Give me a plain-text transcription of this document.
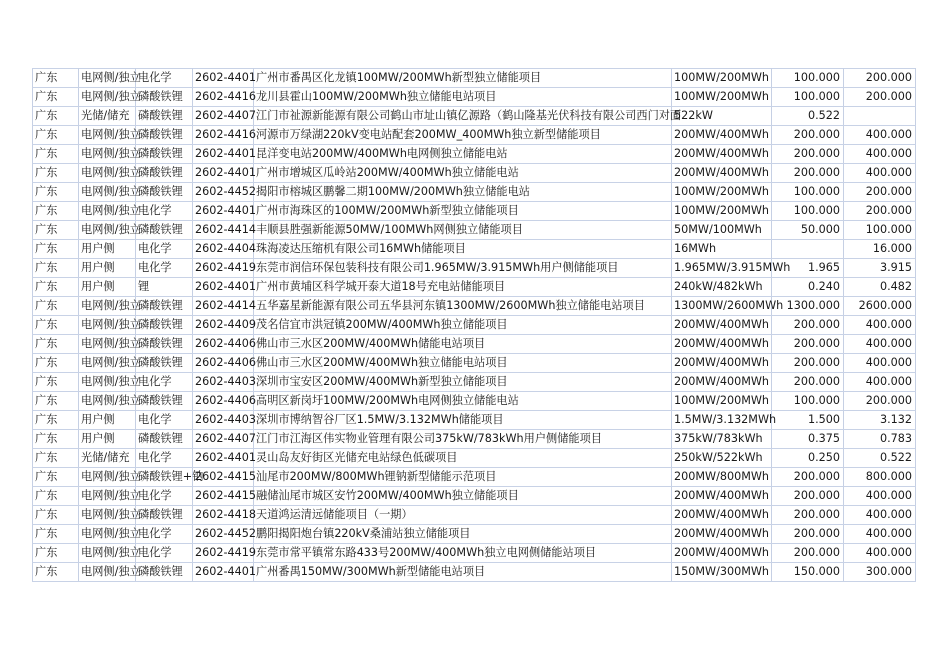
广东	电网侧/独立	电化学	2602-4401	广州市番禺区化龙镇100MW/200MWh新型独立储能项目	100MW/200MWh	100.000	200.000
广东	电网侧/独立	磷酸铁锂	2602-4416	龙川县霍山100MW/200MWh独立储能电站项目	100MW/200MWh	100.000	200.000
广东	光储/储充	磷酸铁锂	2602-4407	江门市祉源新能源有限公司鹤山市址山镇亿源路（鹤山隆基光伏科技有限公司西门对面	522kW	0.522	
广东	电网侧/独立	磷酸铁锂	2602-4416	河源市万绿湖220kV变电站配套200MW_400MWh独立新型储能项目	200MW/400MWh	200.000	400.000
广东	电网侧/独立	磷酸铁锂	2602-4401	昆洋变电站200MW/400MWh电网侧独立储能电站	200MW/400MWh	200.000	400.000
广东	电网侧/独立	磷酸铁锂	2602-4401	广州市增城区瓜岭站200MW/400MWh独立储能电站	200MW/400MWh	200.000	400.000
广东	电网侧/独立	磷酸铁锂	2602-4452	揭阳市榕城区鹏馨二期100MW/200MWh独立储能电站	100MW/200MWh	100.000	200.000
广东	电网侧/独立	电化学	2602-4401	广州市海珠区的100MW/200MWh新型独立储能项目	100MW/200MWh	100.000	200.000
广东	电网侧/独立	磷酸铁锂	2602-4414	丰顺县胜强新能源50MW/100MWh网侧独立储能项目	50MW/100MWh	50.000	100.000
广东	用户侧	电化学	2602-4404	珠海凌达压缩机有限公司16MWh储能项目	16MWh		16.000
广东	用户侧	电化学	2602-4419	东莞市润信环保包装科技有限公司1.965MW/3.915MWh用户侧储能项目	1.965MW/3.915MWh	1.965	3.915
广东	用户侧	锂	2602-4401	广州市黄埔区科学城开泰大道18号充电站储能项目	240kW/482kWh	0.240	0.482
广东	电网侧/独立	磷酸铁锂	2602-4414	五华嘉星新能源有限公司五华县河东镇1300MW/2600MWh独立储能电站项目	1300MW/2600MWh	1300.000	2600.000
广东	电网侧/独立	磷酸铁锂	2602-4409	茂名信宜市洪冠镇200MW/400MWh独立储能项目	200MW/400MWh	200.000	400.000
广东	电网侧/独立	磷酸铁锂	2602-4406	佛山市三水区200MW/400MWh储能电站项目	200MW/400MWh	200.000	400.000
广东	电网侧/独立	磷酸铁锂	2602-4406	佛山市三水区200MW/400MWh独立储能电站项目	200MW/400MWh	200.000	400.000
广东	电网侧/独立	电化学	2602-4403	深圳市宝安区200MW/400MWh新型独立储能项目	200MW/400MWh	200.000	400.000
广东	电网侧/独立	磷酸铁锂	2602-4406	高明区新岗圩100MW/200MWh电网侧独立储能电站	100MW/200MWh	100.000	200.000
广东	用户侧	电化学	2602-4403	深圳市博纳智谷厂区1.5MW/3.132MWh储能项目	1.5MW/3.132MWh	1.500	3.132
广东	用户侧	磷酸铁锂	2602-4407	江门市江海区伟实物业管理有限公司375kW/783kWh用户侧储能项目	375kW/783kWh	0.375	0.783
广东	光储/储充	电化学	2602-4401	灵山岛友好街区光储充电站绿色低碳项目	250kW/522kWh	0.250	0.522
广东	电网侧/独立	磷酸铁锂+钠	2602-4415	汕尾市200MW/800MWh锂钠新型储能示范项目	200MW/800MWh	200.000	800.000
广东	电网侧/独立	电化学	2602-4415	融储汕尾市城区安竹200MW/400MWh独立储能项目	200MW/400MWh	200.000	400.000
广东	电网侧/独立	磷酸铁锂	2602-4418	天道鸿运清远储能项目（一期）	200MW/400MWh	200.000	400.000
广东	电网侧/独立	电化学	2602-4452	鹏阳揭阳炮台镇220kV桑浦站独立储能项目	200MW/400MWh	200.000	400.000
广东	电网侧/独立	电化学	2602-4419	东莞市常平镇常东路433号200MW/400MWh独立电网侧储能站项目	200MW/400MWh	200.000	400.000
广东	电网侧/独立	磷酸铁锂	2602-4401	广州番禺150MW/300MWh新型储能电站项目	150MW/300MWh	150.000	300.000
